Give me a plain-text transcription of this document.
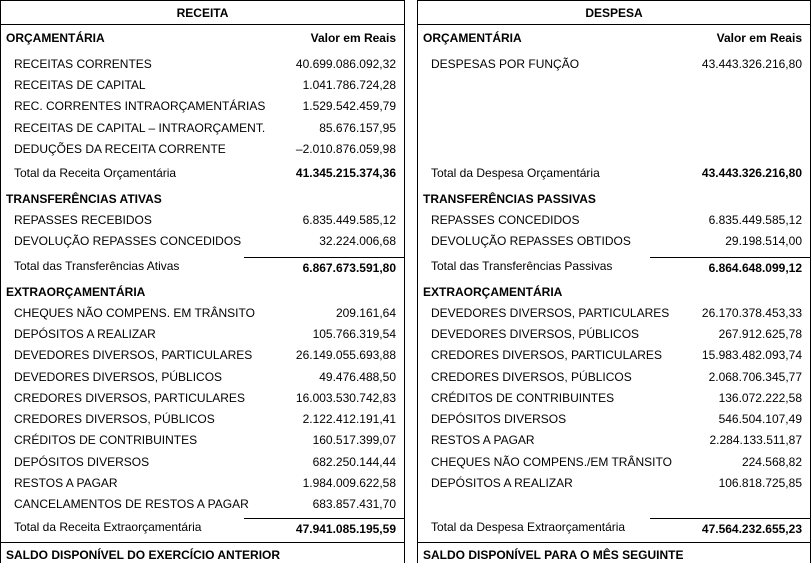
RECEITA
ORÇAMENTÁRIA	Valor em Reais
RECEITAS CORRENTES	40.699.086.092,32
RECEITAS DE CAPITAL	1.041.786.724,28
REC. CORRENTES INTRAORÇAMENTÁRIAS	1.529.542.459,79
RECEITAS DE CAPITAL – INTRAORÇAMENT.	85.676.157,95
DEDUÇÕES DA RECEITA CORRENTE	–2.010.876.059,98
Total da Receita Orçamentária	41.345.215.374,36
TRANSFERÊNCIAS ATIVAS
REPASSES RECEBIDOS	6.835.449.585,12
DEVOLUÇÃO REPASSES CONCEDIDOS	32.224.006,68
Total das Transferências Ativas	6.867.673.591,80
EXTRAORÇAMENTÁRIA
CHEQUES NÃO COMPENS. EM TRÂNSITO	209.161,64
DEPÓSITOS A REALIZAR	105.766.319,54
DEVEDORES DIVERSOS, PARTICULARES	26.149.055.693,88
DEVEDORES DIVERSOS, PÚBLICOS	49.476.488,50
CREDORES DIVERSOS, PARTICULARES	16.003.530.742,83
CREDORES DIVERSOS, PÚBLICOS	2.122.412.191,41
CRÉDITOS DE CONTRIBUINTES	160.517.399,07
DEPÓSITOS DIVERSOS	682.250.144,44
RESTOS A PAGAR	1.984.009.622,58
CANCELAMENTOS DE RESTOS A PAGAR	683.857.431,70
Total da Receita Extraorçamentária	47.941.085.195,59
SALDO DISPONÍVEL DO EXERCÍCIO ANTERIOR
DESPESA
ORÇAMENTÁRIA	Valor em Reais
DESPESAS POR FUNÇÃO	43.443.326.216,80
Total da Despesa Orçamentária	43.443.326.216,80
TRANSFERÊNCIAS PASSIVAS
REPASSES CONCEDIDOS	6.835.449.585,12
DEVOLUÇÃO REPASSES OBTIDOS	29.198.514,00
Total das Transferências Passivas	6.864.648.099,12
EXTRAORÇAMENTÁRIA
DEVEDORES DIVERSOS, PARTICULARES	26.170.378.453,33
DEVEDORES DIVERSOS, PÚBLICOS	267.912.625,78
CREDORES DIVERSOS, PARTICULARES	15.983.482.093,74
CREDORES DIVERSOS, PÚBLICOS	2.068.706.345,77
CRÉDITOS DE CONTRIBUINTES	136.072.222,58
DEPÓSITOS DIVERSOS	546.504.107,49
RESTOS A PAGAR	2.284.133.511,87
CHEQUES NÃO COMPENS./EM TRÂNSITO	224.568,82
DEPÓSITOS A REALIZAR	106.818.725,85
Total da Despesa Extraorçamentária	47.564.232.655,23
SALDO DISPONÍVEL PARA O MÊS SEGUINTE
